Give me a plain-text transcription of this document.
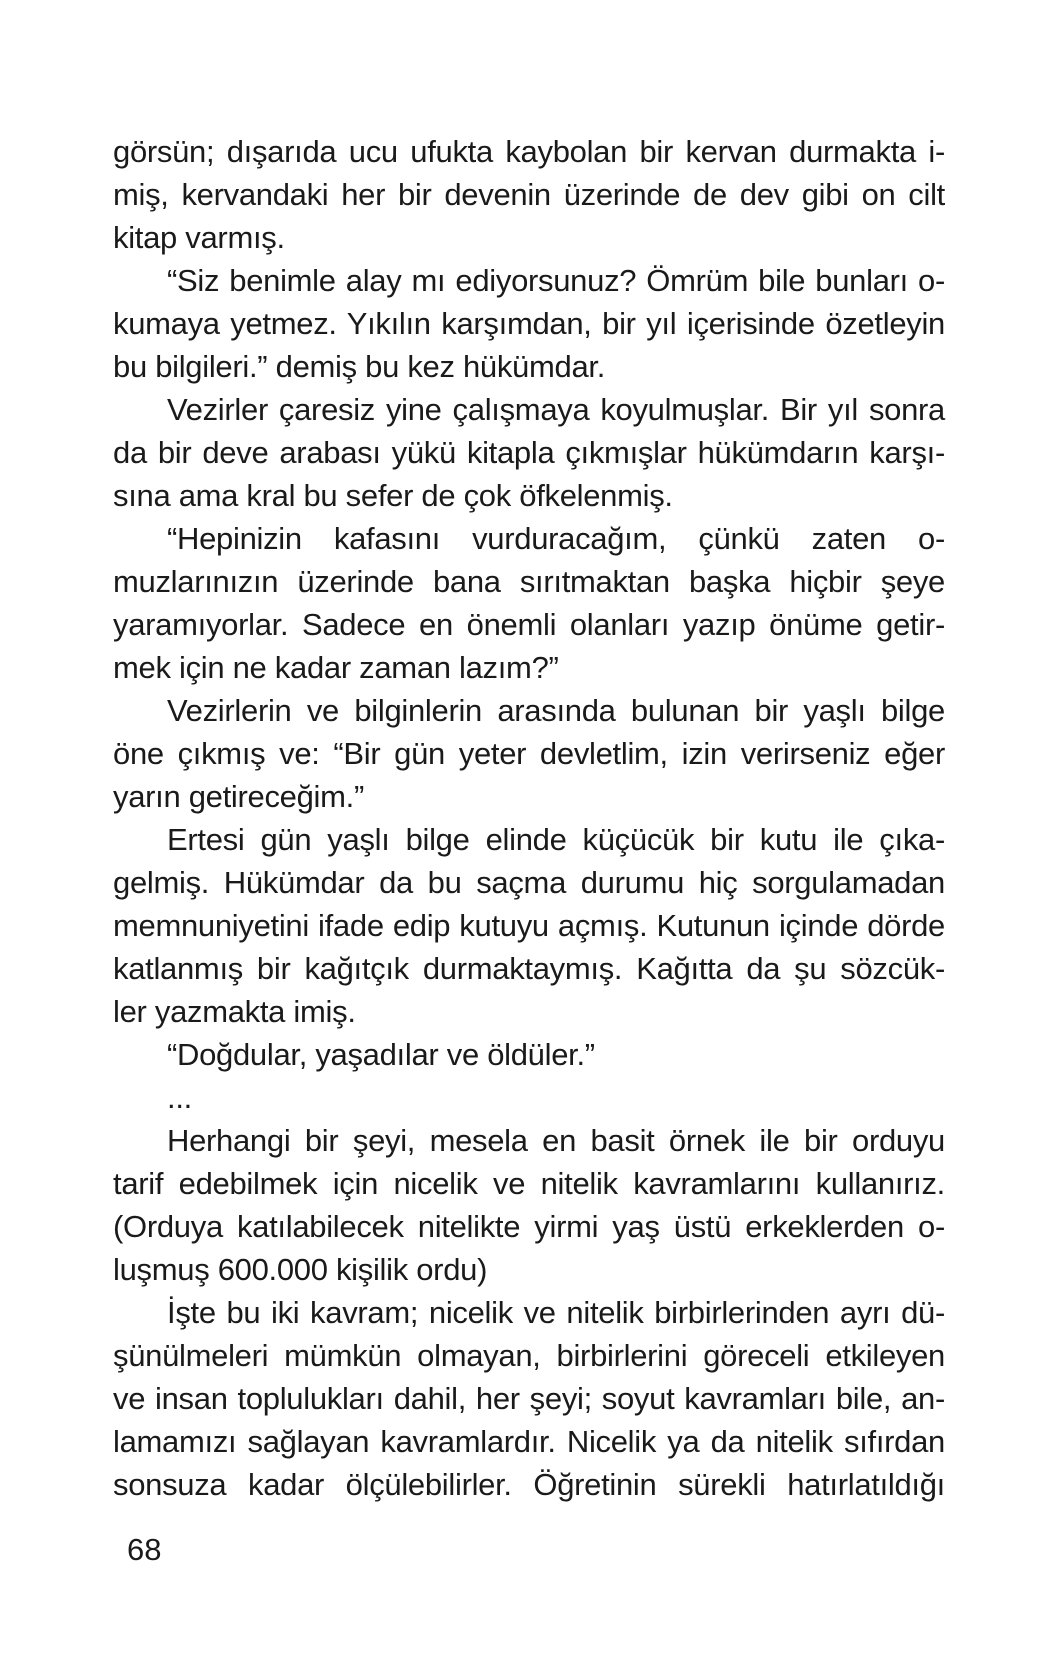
görsün; dışarıda ucu ufukta kaybolan bir kervan durmakta i-
miş, kervandaki her bir devenin üzerinde de dev gibi on cilt
kitap varmış.
“Siz benimle alay mı ediyorsunuz? Ömrüm bile bunları o-
kumaya yetmez. Yıkılın karşımdan, bir yıl içerisinde özetleyin
bu bilgileri.” demiş bu kez hükümdar.
Vezirler çaresiz yine çalışmaya koyulmuşlar. Bir yıl sonra
da bir deve arabası yükü kitapla çıkmışlar hükümdarın karşı-
sına ama kral bu sefer de çok öfkelenmiş.
“Hepinizin kafasını vurduracağım, çünkü zaten o-
muzlarınızın üzerinde bana sırıtmaktan başka hiçbir şeye
yaramıyorlar. Sadece en önemli olanları yazıp önüme getir-
mek için ne kadar zaman lazım?”
Vezirlerin ve bilginlerin arasında bulunan bir yaşlı bilge
öne çıkmış ve: “Bir gün yeter devletlim, izin verirseniz eğer
yarın getireceğim.”
Ertesi gün yaşlı bilge elinde küçücük bir kutu ile çıka-
gelmiş. Hükümdar da bu saçma durumu hiç sorgulamadan
memnuniyetini ifade edip kutuyu açmış. Kutunun içinde dörde
katlanmış bir kağıtçık durmaktaymış. Kağıtta da şu sözcük-
ler yazmakta imiş.
“Doğdular, yaşadılar ve öldüler.”
...
Herhangi bir şeyi, mesela en basit örnek ile bir orduyu
tarif edebilmek için nicelik ve nitelik kavramlarını kullanırız.
(Orduya katılabilecek nitelikte yirmi yaş üstü erkeklerden o-
luşmuş 600.000 kişilik ordu)
İşte bu iki kavram; nicelik ve nitelik birbirlerinden ayrı dü-
şünülmeleri mümkün olmayan, birbirlerini göreceli etkileyen
ve insan toplulukları dahil, her şeyi; soyut kavramları bile, an-
lamamızı sağlayan kavramlardır. Nicelik ya da nitelik sıfırdan
sonsuza kadar ölçülebilirler. Öğretinin sürekli hatırlatıldığı
68
